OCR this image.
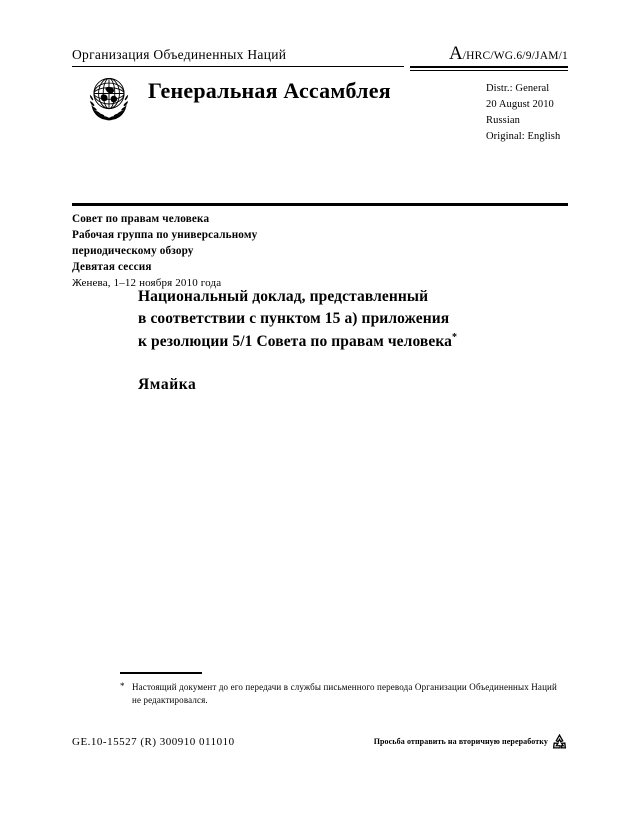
Организация Объединенных Наций	A/HRC/WG.6/9/JAM/1
Генеральная Ассамблея	Distr.: General
20 August 2010
Russian
Original: English
Совет по правам человека
Рабочая группа по универсальному
периодическому обзору
Девятая сессия
Женева, 1–12 ноября 2010 года
Национальный доклад, представленный
в соответствии с пунктом 15 a) приложения
к резолюции 5/1 Совета по правам человека*
Ямайка
* Настоящий документ до его передачи в службы письменного перевода Организации Объединенных Наций не редактировался.
GE.10-15527 (R) 300910 011010	Просьба отправить на вторичную переработку
